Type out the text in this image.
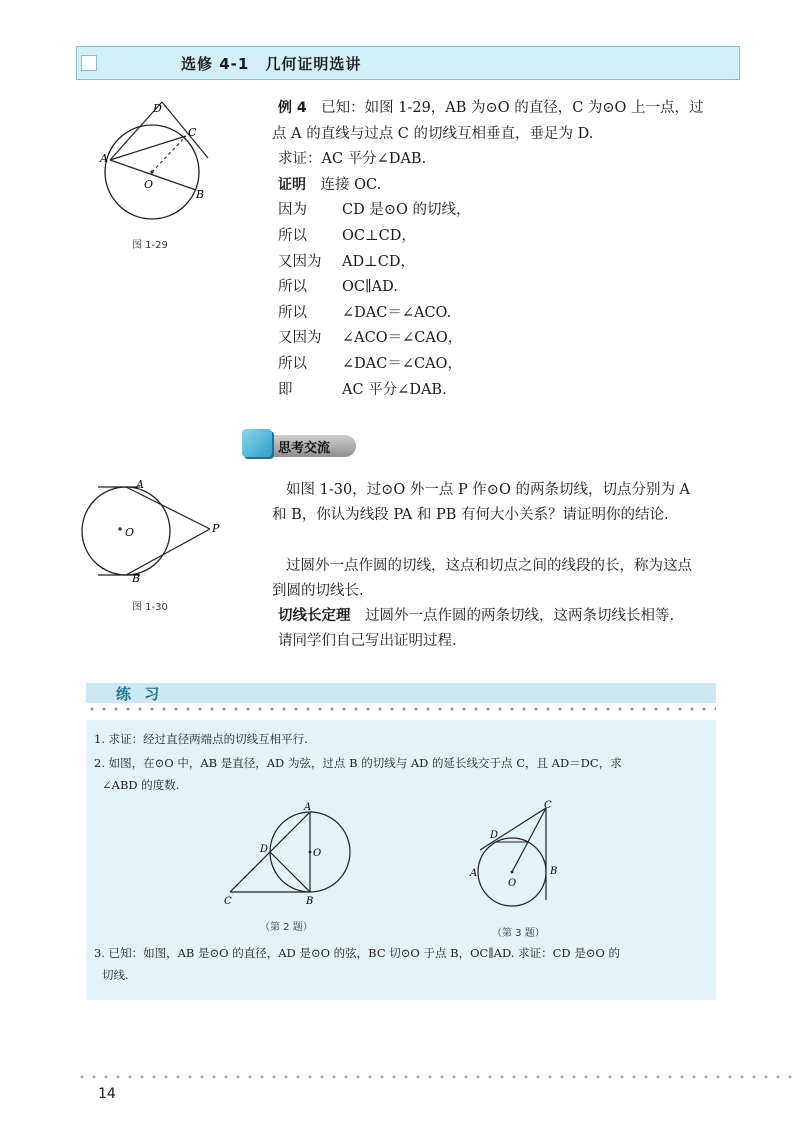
选修 4-1　几何证明选讲
D
C
A
O
B
图 1-29
例 4　已知：如图 1-29，AB 为⊙O 的直径，C 为⊙O 上一点，过
点 A 的直线与过点 C 的切线互相垂直，垂足为 D.
求证：AC 平分∠DAB.
证明　连接 OC.
因为 CD 是⊙O 的切线，
所以 OC⊥CD，
又因为 AD⊥CD，
所以 OC∥AD.
所以 ∠DAC＝∠ACO.
又因为 ∠ACO＝∠CAO，
所以 ∠DAC＝∠CAO，
即	AC 平分∠DAB.
思考交流
A
O	P
B
图 1-30
如图 1-30，过⊙O 外一点 P 作⊙O 的两条切线，切点分别为 A
和 B，你认为线段 PA 和 PB 有何大小关系？请证明你的结论.
过圆外一点作圆的切线，这点和切点之间的线段的长，称为这点
到圆的切线长.
切线长定理　过圆外一点作圆的两条切线，这两条切线长相等.
请同学们自己写出证明过程.
练 习
1. 求证：经过直径两端点的切线互相平行.
2. 如图，在⊙O 中，AB 是直径，AD 为弦，过点 B 的切线与 AD 的延长线交于点 C，且 AD＝DC，求
∠ABD 的度数.
A
D	O
C	B
（第 2 题）
C
D
A
O
B
（第 3 题）
3. 已知：如图，AB 是⊙O 的直径，AD 是⊙O 的弦，BC 切⊙O 于点 B，OC∥AD. 求证：CD 是⊙O 的
切线.
14
